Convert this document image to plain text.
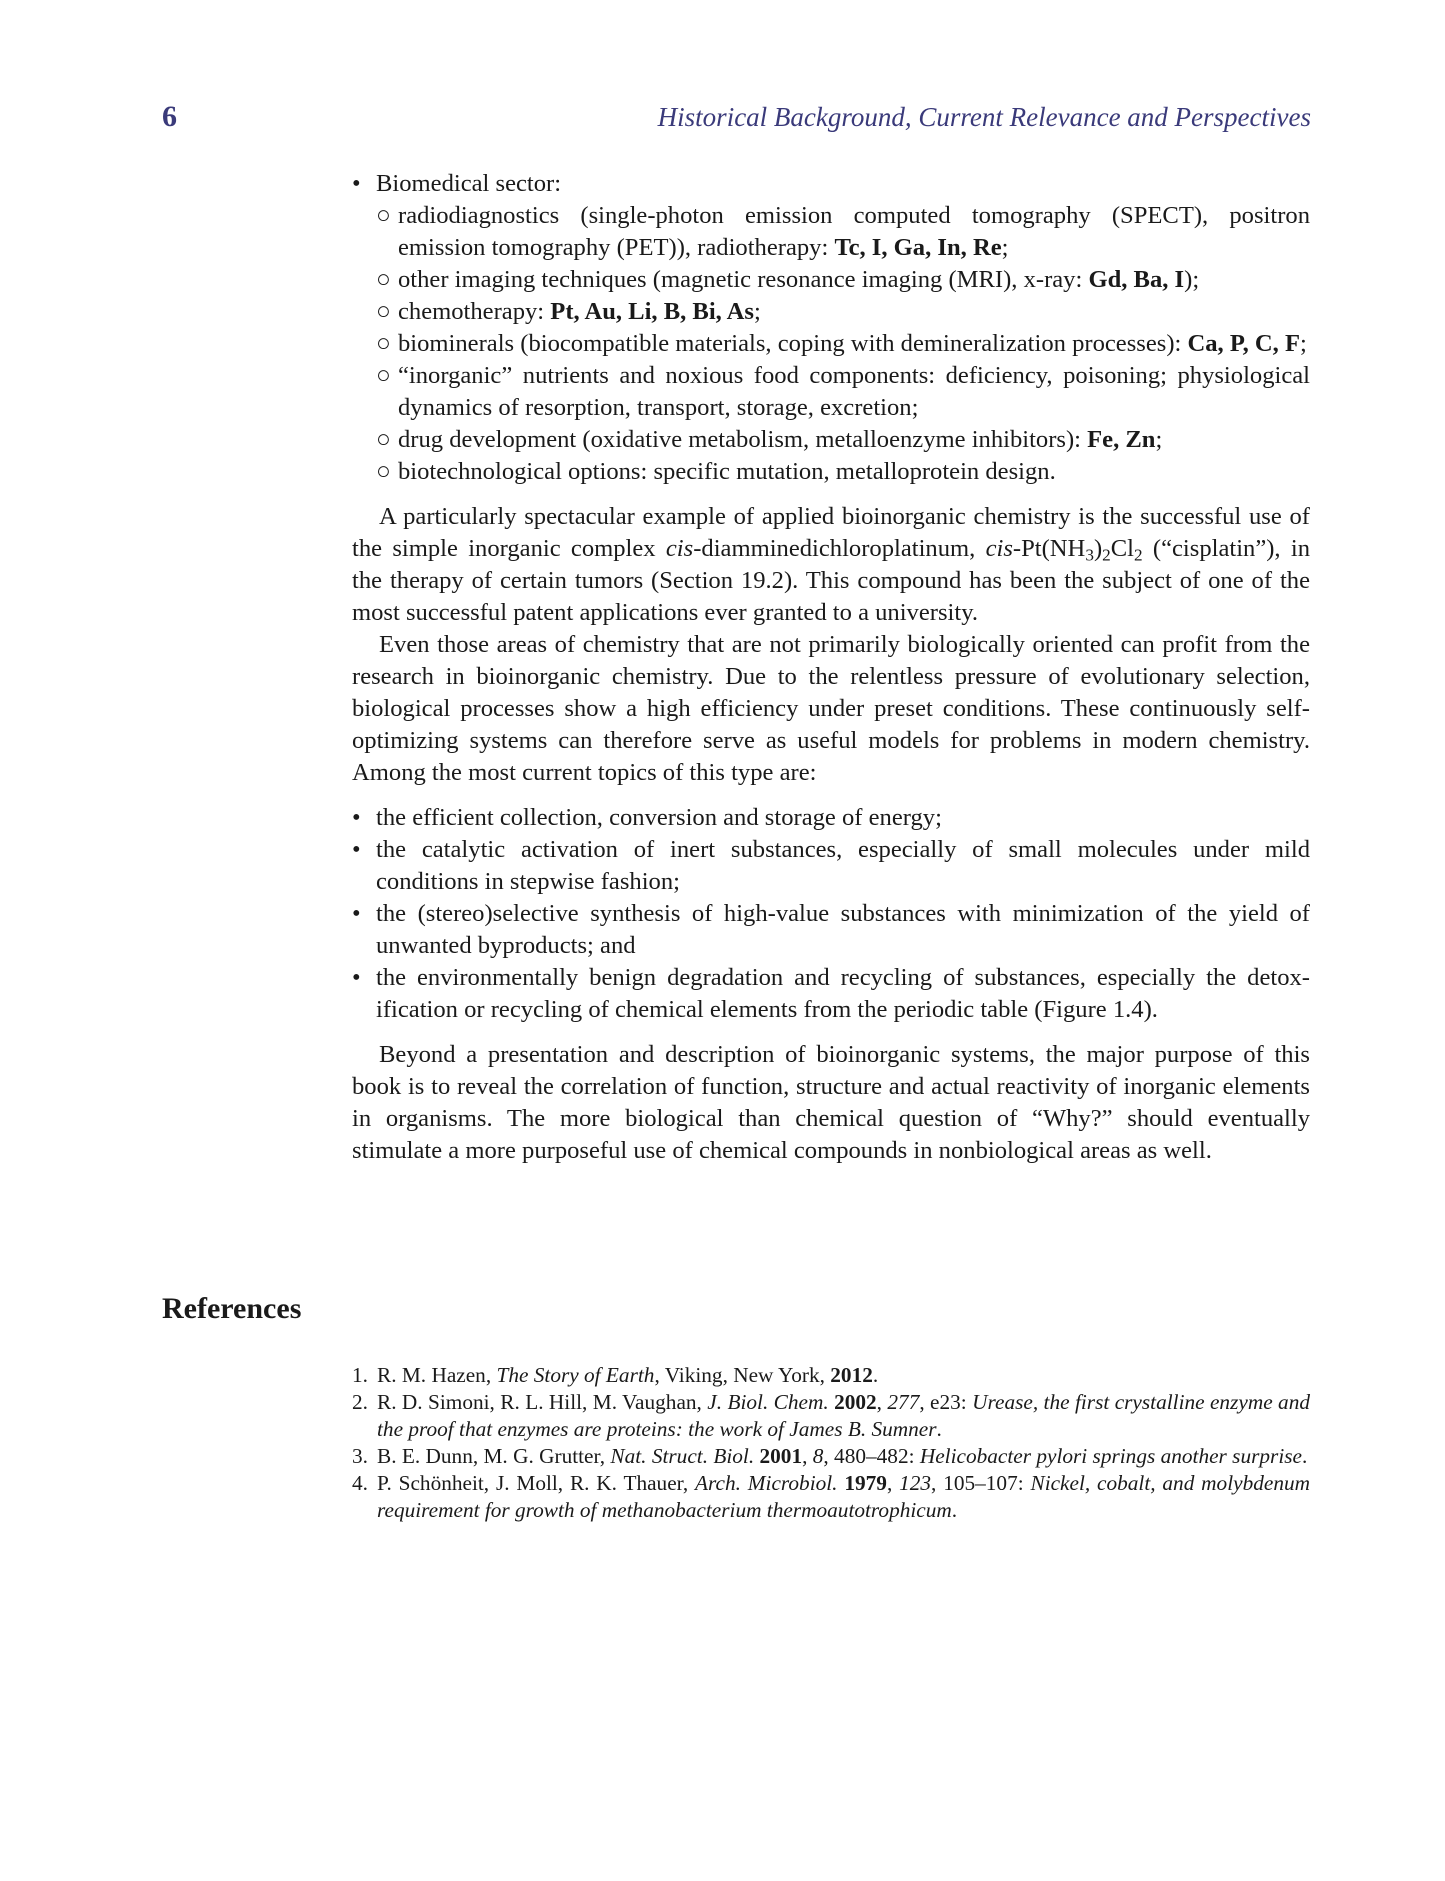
6	Historical Background, Current Relevance and Perspectives
• Biomedical sector:
○ radiodiagnostics (single-photon emission computed tomography (SPECT), positron emission tomography (PET)), radiotherapy: Tc, I, Ga, In, Re;
○ other imaging techniques (magnetic resonance imaging (MRI), x-ray: Gd, Ba, I);
○ chemotherapy: Pt, Au, Li, B, Bi, As;
○ biominerals (biocompatible materials, coping with demineralization processes): Ca, P, C, F;
○ “inorganic” nutrients and noxious food components: deficiency, poisoning; physiological dynamics of resorption, transport, storage, excretion;
○ drug development (oxidative metabolism, metalloenzyme inhibitors): Fe, Zn;
○ biotechnological options: specific mutation, metalloprotein design.

A particularly spectacular example of applied bioinorganic chemistry is the successful use of the simple inorganic complex cis-diamminedichloroplatinum, cis-$Pt(NH_3)_2Cl_2$ (“cisplatin”), in the therapy of certain tumors (Section 19.2). This compound has been the subject of one of the most successful patent applications ever granted to a university.

Even those areas of chemistry that are not primarily biologically oriented can profit from the research in bioinorganic chemistry. Due to the relentless pressure of evolutionary selection, biological processes show a high efficiency under preset conditions. These continuously self-optimizing systems can therefore serve as useful models for problems in modern chemistry. Among the most current topics of this type are:

• the efficient collection, conversion and storage of energy;
• the catalytic activation of inert substances, especially of small molecules under mild conditions in stepwise fashion;
• the (stereo)selective synthesis of high-value substances with minimization of the yield of unwanted byproducts; and
• the environmentally benign degradation and recycling of substances, especially the detoxification or recycling of chemical elements from the periodic table (Figure 1.4).

Beyond a presentation and description of bioinorganic systems, the major purpose of this book is to reveal the correlation of function, structure and actual reactivity of inorganic elements in organisms. The more biological than chemical question of “Why?” should eventually stimulate a more purposeful use of chemical compounds in nonbiological areas as well.

References
1. R. M. Hazen, The Story of Earth, Viking, New York, 2012.
2. R. D. Simoni, R. L. Hill, M. Vaughan, J. Biol. Chem. 2002, 277, e23: Urease, the first crystalline enzyme and the proof that enzymes are proteins: the work of James B. Sumner.
3. B. E. Dunn, M. G. Grutter, Nat. Struct. Biol. 2001, 8, 480–482: Helicobacter pylori springs another surprise.
4. P. Schönheit, J. Moll, R. K. Thauer, Arch. Microbiol. 1979, 123, 105–107: Nickel, cobalt, and molybdenum requirement for growth of methanobacterium thermoautotrophicum.
